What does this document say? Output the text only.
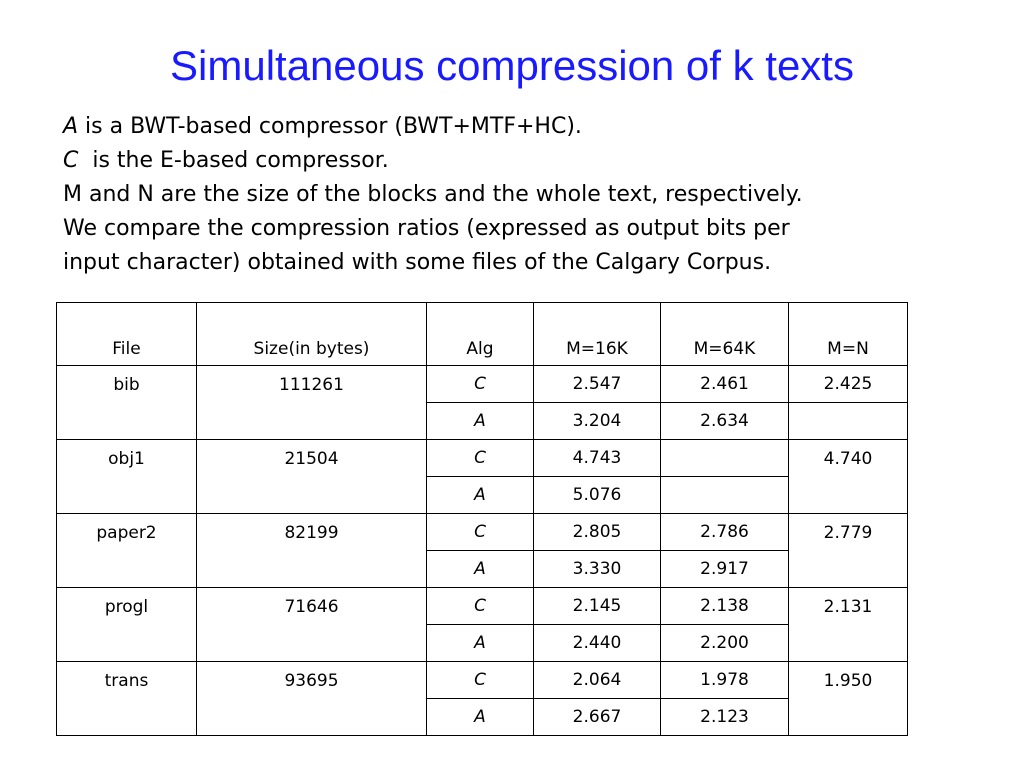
Simultaneous compression of k texts
A is a BWT-based compressor (BWT+MTF+HC).
C  is the E-based compressor.
M and N are the size of the blocks and the whole text, respectively.
We compare the compression ratios (expressed as output bits per
input character) obtained with some files of the Calgary Corpus.
File	Size(in bytes)	Alg	M=16K	M=64K	M=N
bib	111261	C	2.547	2.461	2.425
		A	3.204	2.634	
obj1	21504	C	4.743		4.740
		A	5.076		
paper2	82199	C	2.805	2.786	2.779
		A	3.330	2.917	
progl	71646	C	2.145	2.138	2.131
		A	2.440	2.200	
trans	93695	C	2.064	1.978	1.950
		A	2.667	2.123	
